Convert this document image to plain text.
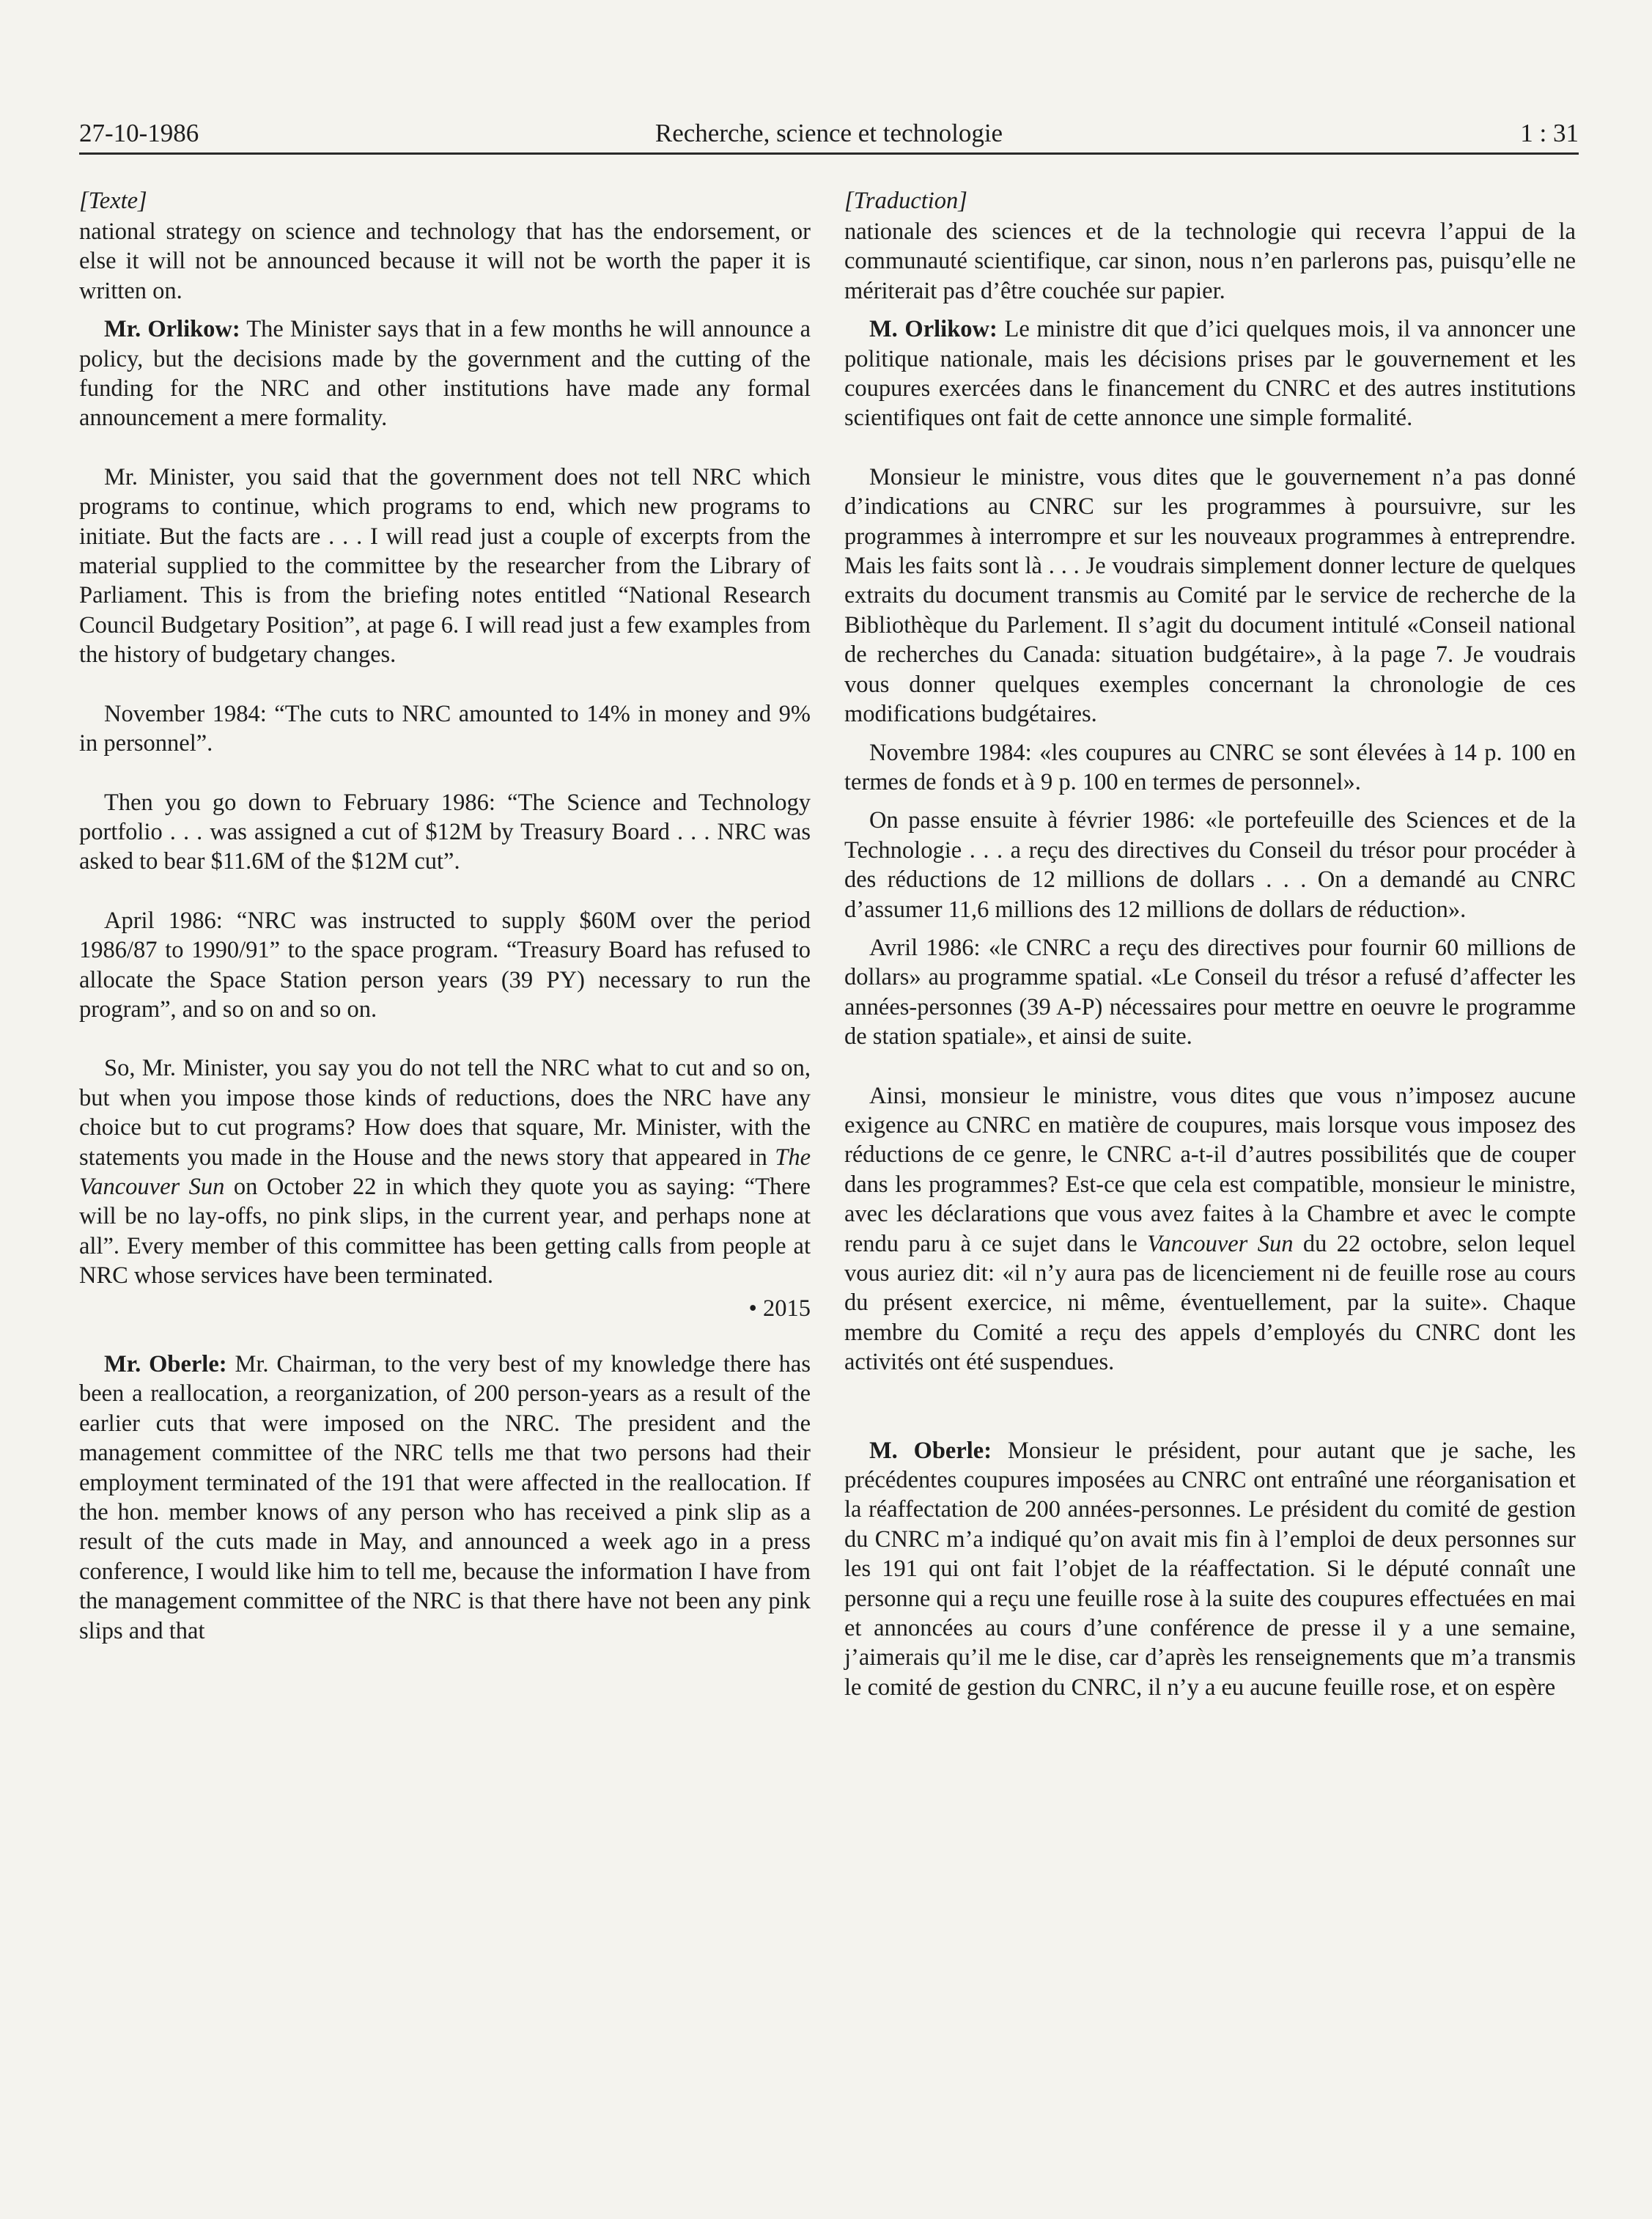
27-10-1986	Recherche, science et technologie	1 : 31
[Texte]

national strategy on science and technology that has the endorsement, or else it will not be announced because it will not be worth the paper it is written on.

Mr. Orlikow: The Minister says that in a few months he will announce a policy, but the decisions made by the government and the cutting of the funding for the NRC and other institutions have made any formal announcement a mere formality.

Mr. Minister, you said that the government does not tell NRC which programs to continue, which programs to end, which new programs to initiate. But the facts are . . . I will read just a couple of excerpts from the material supplied to the committee by the researcher from the Library of Parliament. This is from the briefing notes entitled “National Research Council Budgetary Position”, at page 6. I will read just a few examples from the history of budgetary changes.

November 1984: “The cuts to NRC amounted to 14% in money and 9% in personnel”.

Then you go down to February 1986: “The Science and Technology portfolio . . . was assigned a cut of $12M by Treasury Board . . . NRC was asked to bear $11.6M of the $12M cut”.

April 1986: “NRC was instructed to supply $60M over the period 1986/87 to 1990/91” to the space program. “Treasury Board has refused to allocate the Space Station person years (39 PY) necessary to run the program”, and so on and so on.

So, Mr. Minister, you say you do not tell the NRC what to cut and so on, but when you impose those kinds of reductions, does the NRC have any choice but to cut programs? How does that square, Mr. Minister, with the statements you made in the House and the news story that appeared in The Vancouver Sun on October 22 in which they quote you as saying: “There will be no lay-offs, no pink slips, in the current year, and perhaps none at all”. Every member of this committee has been getting calls from people at NRC whose services have been terminated.

• 2015

Mr. Oberle: Mr. Chairman, to the very best of my knowledge there has been a reallocation, a reorganization, of 200 person-years as a result of the earlier cuts that were imposed on the NRC. The president and the management committee of the NRC tells me that two persons had their employment terminated of the 191 that were affected in the reallocation. If the hon. member knows of any person who has received a pink slip as a result of the cuts made in May, and announced a week ago in a press conference, I would like him to tell me, because the information I have from the management committee of the NRC is that there have not been any pink slips and that

[Traduction]

nationale des sciences et de la technologie qui recevra l’appui de la communauté scientifique, car sinon, nous n’en parlerons pas, puisqu’elle ne mériterait pas d’être couchée sur papier.

M. Orlikow: Le ministre dit que d’ici quelques mois, il va annoncer une politique nationale, mais les décisions prises par le gouvernement et les coupures exercées dans le financement du CNRC et des autres institutions scientifiques ont fait de cette annonce une simple formalité.

Monsieur le ministre, vous dites que le gouvernement n’a pas donné d’indications au CNRC sur les programmes à poursuivre, sur les programmes à interrompre et sur les nouveaux programmes à entreprendre. Mais les faits sont là . . . Je voudrais simplement donner lecture de quelques extraits du document transmis au Comité par le service de recherche de la Bibliothèque du Parlement. Il s’agit du document intitulé «Conseil national de recherches du Canada: situation budgétaire», à la page 7. Je voudrais vous donner quelques exemples concernant la chronologie de ces modifications budgétaires.

Novembre 1984: «les coupures au CNRC se sont élevées à 14 p. 100 en termes de fonds et à 9 p. 100 en termes de personnel».

On passe ensuite à février 1986: «le portefeuille des Sciences et de la Technologie . . . a reçu des directives du Conseil du trésor pour procéder à des réductions de 12 millions de dollars . . . On a demandé au CNRC d’assumer 11,6 millions des 12 millions de dollars de réduction».

Avril 1986: «le CNRC a reçu des directives pour fournir 60 millions de dollars» au programme spatial. «Le Conseil du trésor a refusé d’affecter les années-personnes (39 A-P) nécessaires pour mettre en oeuvre le programme de station spatiale», et ainsi de suite.

Ainsi, monsieur le ministre, vous dites que vous n’imposez aucune exigence au CNRC en matière de coupures, mais lorsque vous imposez des réductions de ce genre, le CNRC a-t-il d’autres possibilités que de couper dans les programmes? Est-ce que cela est compatible, monsieur le ministre, avec les déclarations que vous avez faites à la Chambre et avec le compte rendu paru à ce sujet dans le Vancouver Sun du 22 octobre, selon lequel vous auriez dit: «il n’y aura pas de licenciement ni de feuille rose au cours du présent exercice, ni même, éventuellement, par la suite». Chaque membre du Comité a reçu des appels d’employés du CNRC dont les activités ont été suspendues.

M. Oberle: Monsieur le président, pour autant que je sache, les précédentes coupures imposées au CNRC ont entraîné une réorganisation et la réaffectation de 200 années-personnes. Le président du comité de gestion du CNRC m’a indiqué qu’on avait mis fin à l’emploi de deux personnes sur les 191 qui ont fait l’objet de la réaffectation. Si le député connaît une personne qui a reçu une feuille rose à la suite des coupures effectuées en mai et annoncées au cours d’une conférence de presse il y a une semaine, j’aimerais qu’il me le dise, car d’après les renseignements que m’a transmis le comité de gestion du CNRC, il n’y a eu aucune feuille rose, et on espère
